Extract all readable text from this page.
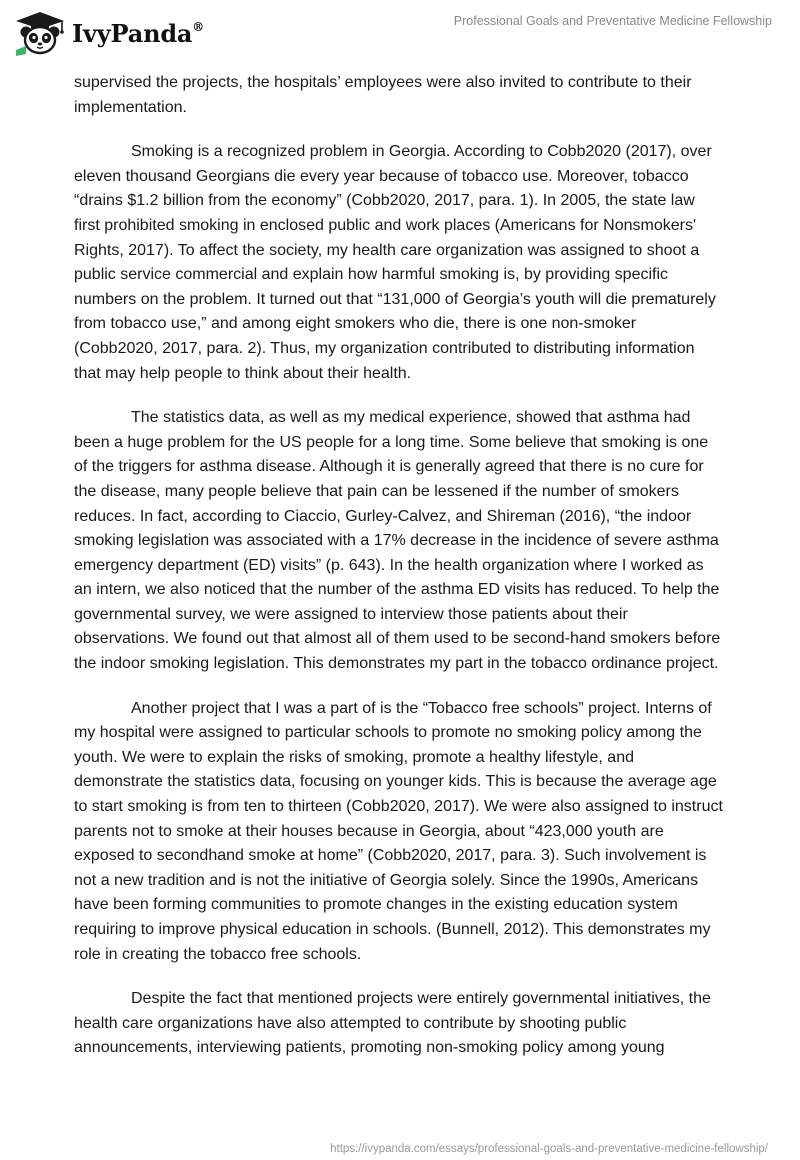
IvyPanda®	Professional Goals and Preventative Medicine Fellowship

supervised the projects, the hospitals’ employees were also invited to contribute to their implementation.

Smoking is a recognized problem in Georgia. According to Cobb2020 (2017), over eleven thousand Georgians die every year because of tobacco use. Moreover, tobacco “drains $1.2 billion from the economy” (Cobb2020, 2017, para. 1). In 2005, the state law first prohibited smoking in enclosed public and work places (Americans for Nonsmokers' Rights, 2017). To affect the society, my health care organization was assigned to shoot a public service commercial and explain how harmful smoking is, by providing specific numbers on the problem. It turned out that “131,000 of Georgia’s youth will die prematurely from tobacco use,” and among eight smokers who die, there is one non-smoker (Cobb2020, 2017, para. 2). Thus, my organization contributed to distributing information that may help people to think about their health.

The statistics data, as well as my medical experience, showed that asthma had been a huge problem for the US people for a long time. Some believe that smoking is one of the triggers for asthma disease. Although it is generally agreed that there is no cure for the disease, many people believe that pain can be lessened if the number of smokers reduces. In fact, according to Ciaccio, Gurley-Calvez, and Shireman (2016), “the indoor smoking legislation was associated with a 17% decrease in the incidence of severe asthma emergency department (ED) visits” (p. 643). In the health organization where I worked as an intern, we also noticed that the number of the asthma ED visits has reduced. To help the governmental survey, we were assigned to interview those patients about their observations. We found out that almost all of them used to be second-hand smokers before the indoor smoking legislation. This demonstrates my part in the tobacco ordinance project.

Another project that I was a part of is the “Tobacco free schools” project. Interns of my hospital were assigned to particular schools to promote no smoking policy among the youth. We were to explain the risks of smoking, promote a healthy lifestyle, and demonstrate the statistics data, focusing on younger kids. This is because the average age to start smoking is from ten to thirteen (Cobb2020, 2017). We were also assigned to instruct parents not to smoke at their houses because in Georgia, about “423,000 youth are exposed to secondhand smoke at home” (Cobb2020, 2017, para. 3). Such involvement is not a new tradition and is not the initiative of Georgia solely. Since the 1990s, Americans have been forming communities to promote changes in the existing education system requiring to improve physical education in schools. (Bunnell, 2012). This demonstrates my role in creating the tobacco free schools.

Despite the fact that mentioned projects were entirely governmental initiatives, the health care organizations have also attempted to contribute by shooting public announcements, interviewing patients, promoting non-smoking policy among young

https://ivypanda.com/essays/professional-goals-and-preventative-medicine-fellowship/
